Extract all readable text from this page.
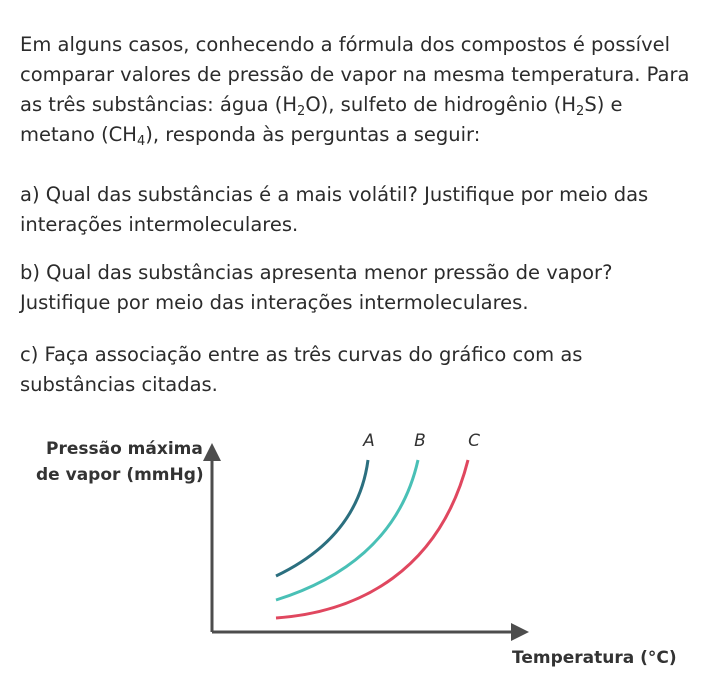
Em alguns casos, conhecendo a fórmula dos compostos é possível
comparar valores de pressão de vapor na mesma temperatura. Para
as três substâncias: água $(H_2O)$, sulfeto de hidrogênio $(H_2S)$ e
metano $(CH_4)$, responda às perguntas a seguir:
a) Qual das substâncias é a mais volátil? Justifique por meio das
interações intermoleculares.
b) Qual das substâncias apresenta menor pressão de vapor?
Justifique por meio das interações intermoleculares.
c) Faça associação entre as três curvas do gráfico com as
substâncias citadas.
Pressão máxima
de vapor (mmHg)
A B C
Temperatura (°C)
